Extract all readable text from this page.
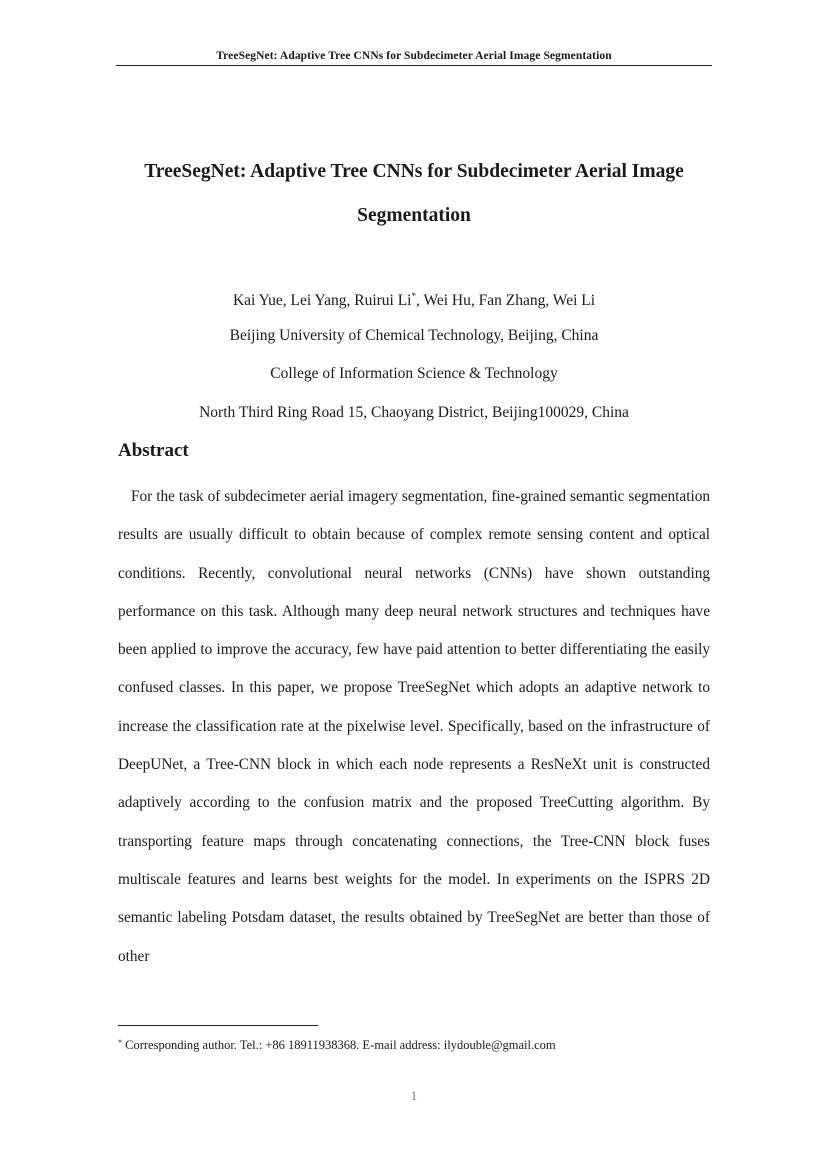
TreeSegNet: Adaptive Tree CNNs for Subdecimeter Aerial Image Segmentation
TreeSegNet: Adaptive Tree CNNs for Subdecimeter Aerial Image
Segmentation
Kai Yue, Lei Yang, Ruirui Li*, Wei Hu, Fan Zhang, Wei Li
Beijing University of Chemical Technology, Beijing, China
College of Information Science & Technology
North Third Ring Road 15, Chaoyang District, Beijing100029, China
Abstract

For the task of subdecimeter aerial imagery segmentation, fine-grained semantic segmentation results are usually difficult to obtain because of complex remote sensing content and optical conditions. Recently, convolutional neural networks (CNNs) have shown outstanding performance on this task. Although many deep neural network structures and techniques have been applied to improve the accuracy, few have paid attention to better differentiating the easily confused classes. In this paper, we propose TreeSegNet which adopts an adaptive network to increase the classification rate at the pixelwise level. Specifically, based on the infrastructure of DeepUNet, a Tree-CNN block in which each node represents a ResNeXt unit is constructed adaptively according to the confusion matrix and the proposed TreeCutting algorithm. By transporting feature maps through concatenating connections, the Tree-CNN block fuses multiscale features and learns best weights for the model. In experiments on the ISPRS 2D semantic labeling Potsdam dataset, the results obtained by TreeSegNet are better than those of other

* Corresponding author. Tel.: +86 18911938368. E-mail address: ilydouble@gmail.com
1
